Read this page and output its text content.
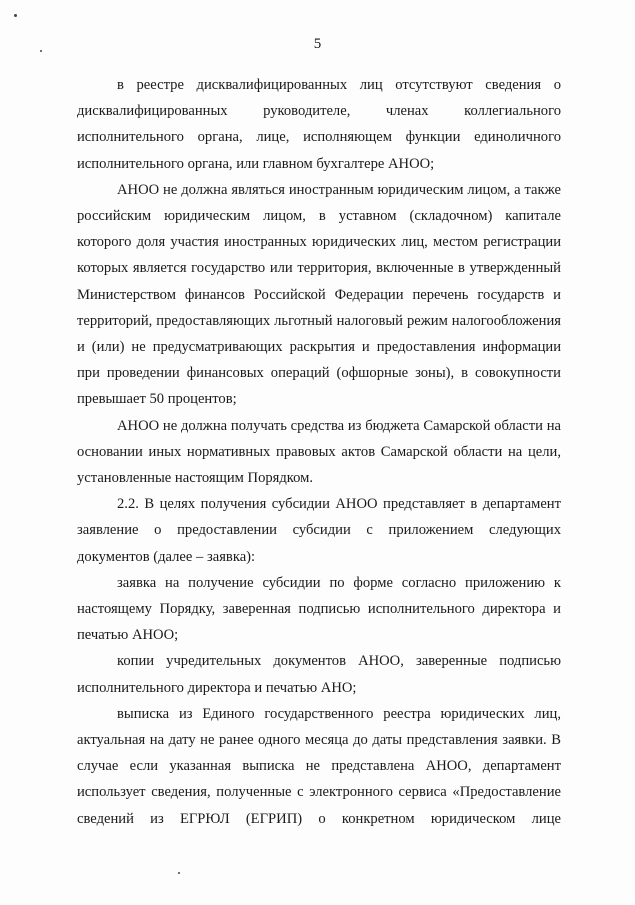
5

в реестре дисквалифицированных лиц отсутствуют сведения о дисквалифицированных руководителе, членах коллегиального исполнительного органа, лице, исполняющем функции единоличного исполнительного органа, или главном бухгалтере АНОО;

АНОО не должна являться иностранным юридическим лицом, а также российским юридическим лицом, в уставном (складочном) капитале которого доля участия иностранных юридических лиц, местом регистрации которых является государство или территория, включенные в утвержденный Министерством финансов Российской Федерации перечень государств и территорий, предоставляющих льготный налоговый режим налогообложения и (или) не предусматривающих раскрытия и предоставления информации при проведении финансовых операций (офшорные зоны), в совокупности превышает 50 процентов;

АНОО не должна получать средства из бюджета Самарской области на основании иных нормативных правовых актов Самарской области на цели, установленные настоящим Порядком.

2.2. В целях получения субсидии АНОО представляет в департамент заявление о предоставлении субсидии с приложением следующих документов (далее – заявка):

заявка на получение субсидии по форме согласно приложению к настоящему Порядку, заверенная подписью исполнительного директора и печатью АНОО;

копии учредительных документов АНОО, заверенные подписью исполнительного директора и печатью АНО;

выписка из Единого государственного реестра юридических лиц, актуальная на дату не ранее одного месяца до даты представления заявки. В случае если указанная выписка не представлена АНОО, департамент использует сведения, полученные с электронного сервиса «Предоставление сведений из ЕГРЮЛ (ЕГРИП) о конкретном юридическом лице
